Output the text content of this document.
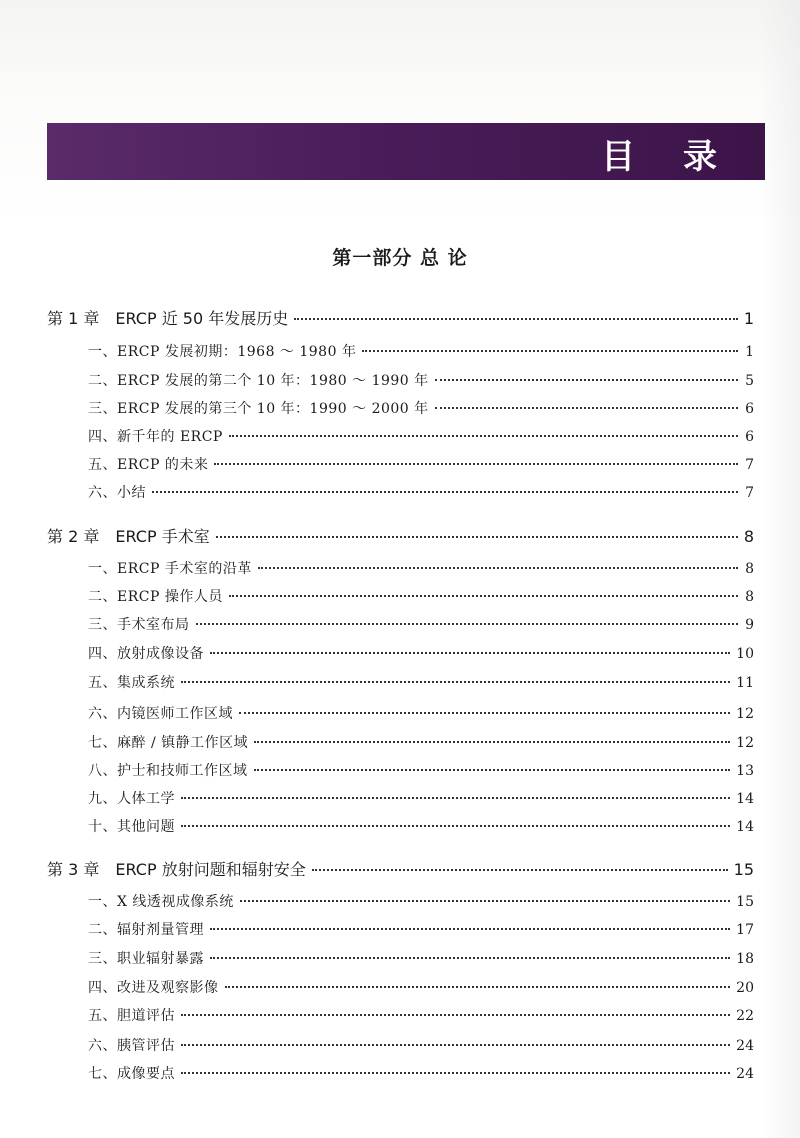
目 录
第一部分 总 论
第 1 章　ERCP 近 50 年发展历史	1
一、ERCP 发展初期：1968 ～ 1980 年	1
二、ERCP 发展的第二个 10 年：1980 ～ 1990 年	5
三、ERCP 发展的第三个 10 年：1990 ～ 2000 年	6
四、新千年的 ERCP	6
五、ERCP 的未来	7
六、小结	7
第 2 章　ERCP 手术室	8
一、ERCP 手术室的沿革	8
二、ERCP 操作人员	8
三、手术室布局	9
四、放射成像设备	10
五、集成系统	11
六、内镜医师工作区域	12
七、麻醉 / 镇静工作区域	12
八、护士和技师工作区域	13
九、人体工学	14
十、其他问题	14
第 3 章　ERCP 放射问题和辐射安全	15
一、X 线透视成像系统	15
二、辐射剂量管理	17
三、职业辐射暴露	18
四、改进及观察影像	20
五、胆道评估	22
六、胰管评估	24
七、成像要点	24
